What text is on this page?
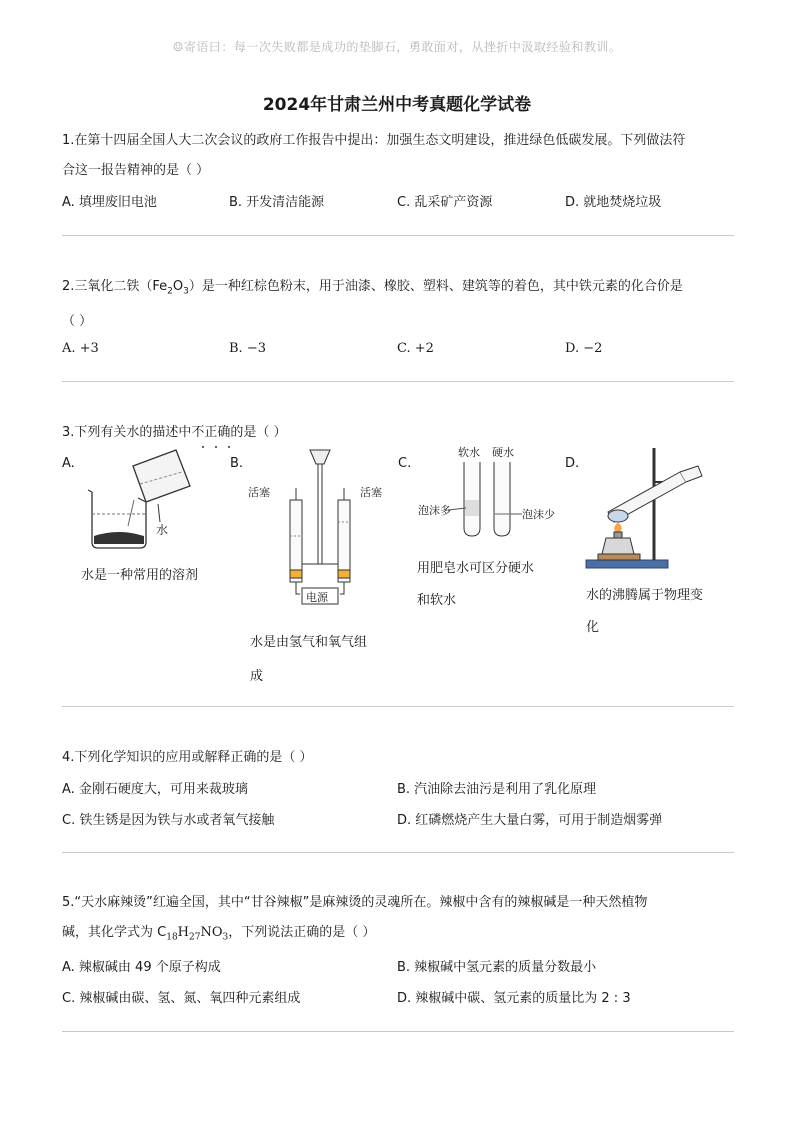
☺寄语曰：每一次失败都是成功的垫脚石，勇敢面对，从挫折中汲取经验和教训。
2024年甘肃兰州中考真题化学试卷
1.在第十四届全国人大二次会议的政府工作报告中提出：加强生态文明建设，推进绿色低碳发展。下列做法符
合这一报告精神的是（ ）
A. 填埋废旧电池	B. 开发清洁能源	C. 乱采矿产资源	D. 就地焚烧垃圾
2.三氧化二铁$(Fe_2O_3)$是一种红棕色粉末，用于油漆、橡胶、塑料、建筑等的着色，其中铁元素的化合价是
（ ）
A. +3	B. −3	C. +2	D. −2
3.下列有关水的描述中不正确的是（ ）
A.
水
水是一种常用的溶剂
B.
活塞	活塞
电源
水是由氢气和氧气组
成
C.
软水 硬水
泡沫多	泡沫少
用肥皂水可区分硬水
和软水
D.
水的沸腾属于物理变
化
4.下列化学知识的应用或解释正确的是（ ）
A. 金刚石硬度大，可用来裁玻璃	B. 汽油除去油污是利用了乳化原理
C. 铁生锈是因为铁与水或者氧气接触	D. 红磷燃烧产生大量白雾，可用于制造烟雾弹
5.“天水麻辣烫”红遍全国，其中“甘谷辣椒”是麻辣烫的灵魂所在。辣椒中含有的辣椒碱是一种天然植物
碱，其化学式为 $C_{18}H_{27}NO_3$，下列说法正确的是（ ）
A. 辣椒碱由 49 个原子构成	B. 辣椒碱中氢元素的质量分数最小
C. 辣椒碱由碳、氢、氮、氧四种元素组成	D. 辣椒碱中碳、氢元素的质量比为 2 : 3
